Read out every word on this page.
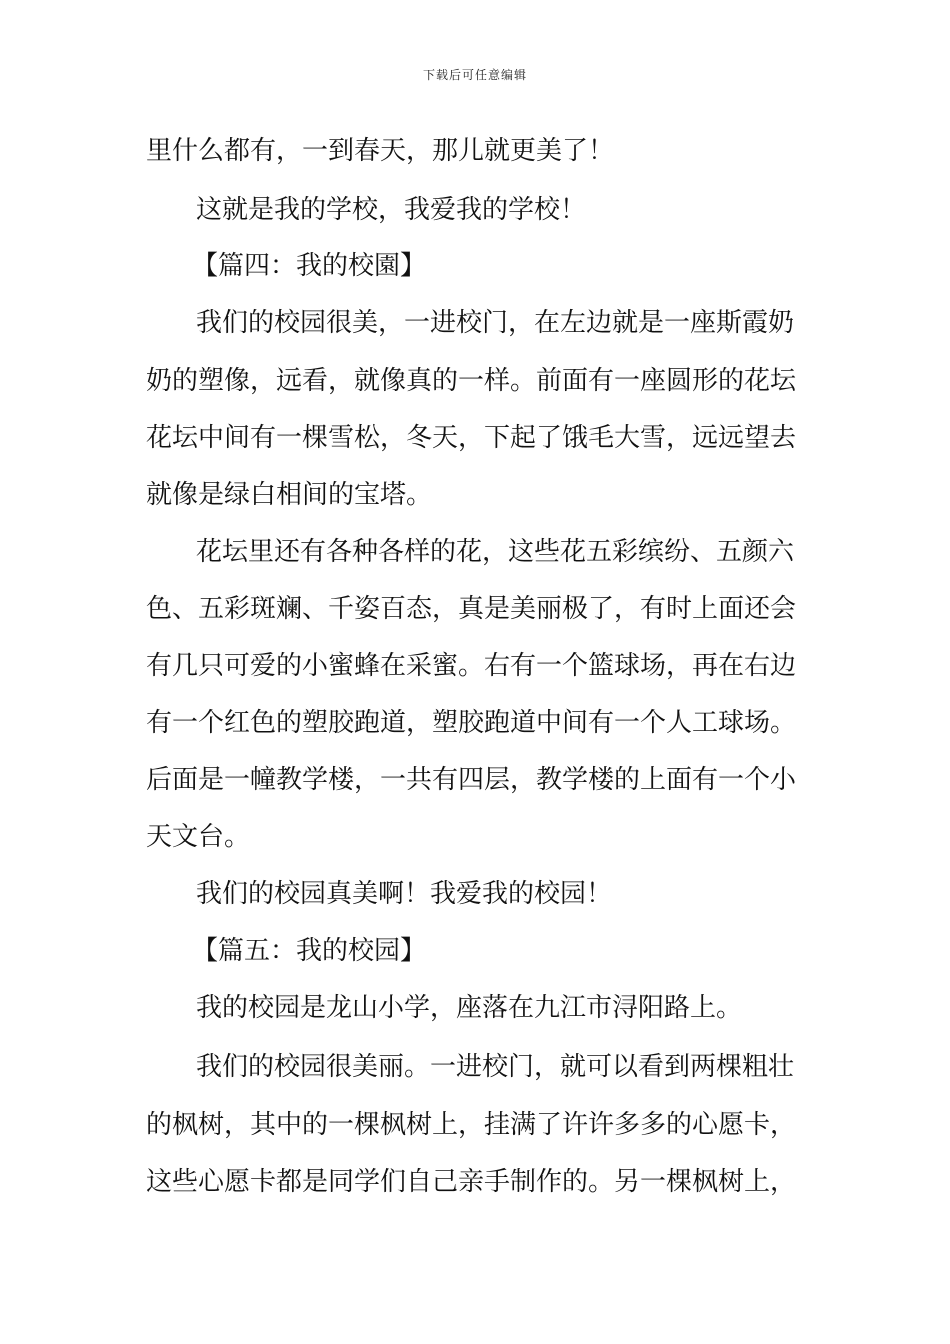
下载后可任意编辑
里什么都有，一到春天，那儿就更美了！
这就是我的学校，我爱我的学校！
【篇四：我的校園】
我们的校园很美，一进校门，在左边就是一座斯霞奶
奶的塑像，远看，就像真的一样。前面有一座圆形的花坛
花坛中间有一棵雪松，冬天，下起了饿毛大雪，远远望去
就像是绿白相间的宝塔。
花坛里还有各种各样的花，这些花五彩缤纷、五颜六
色、五彩斑斓、千姿百态，真是美丽极了，有时上面还会
有几只可爱的小蜜蜂在采蜜。右有一个篮球场，再在右边
有一个红色的塑胶跑道，塑胶跑道中间有一个人工球场。
后面是一幢教学楼，一共有四层，教学楼的上面有一个小
天文台。
我们的校园真美啊！我爱我的校园！
【篇五：我的校园】
我的校园是龙山小学，座落在九江市浔阳路上。
我们的校园很美丽。一进校门，就可以看到两棵粗壮
的枫树，其中的一棵枫树上，挂满了许许多多的心愿卡，
这些心愿卡都是同学们自己亲手制作的。另一棵枫树上，
